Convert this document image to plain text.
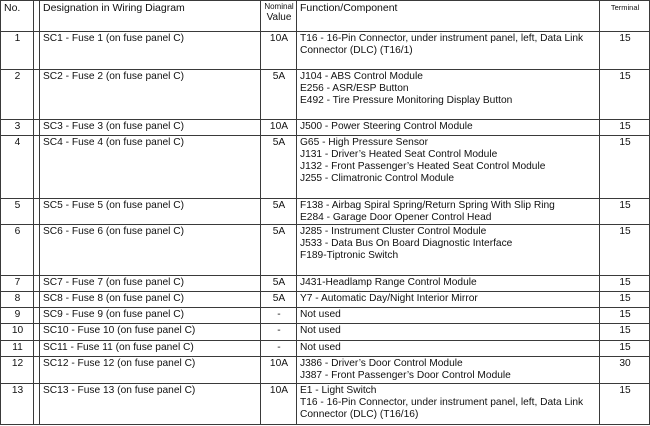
No.		Designation in Wiring Diagram	Nominal
Value	Function/Component	Terminal
1		SC1 - Fuse 1 (on fuse panel C)	10A	T16 - 16-Pin Connector, under instrument panel, left, Data Link
Connector (DLC) (T16/1)	15
2		SC2 - Fuse 2 (on fuse panel C)	5A	J104 - ABS Control Module
E256 - ASR/ESP Button
E492 - Tire Pressure Monitoring Display Button	15
3		SC3 - Fuse 3 (on fuse panel C)	10A	J500 - Power Steering Control Module	15
4		SC4 - Fuse 4 (on fuse panel C)	5A	G65 - High Pressure Sensor
J131 - Driver’s Heated Seat Control Module
J132 - Front Passenger’s Heated Seat Control Module
J255 - Climatronic Control Module	15
5		SC5 - Fuse 5 (on fuse panel C)	5A	F138 - Airbag Spiral Spring/Return Spring With Slip Ring
E284 - Garage Door Opener Control Head	15
6		SC6 - Fuse 6 (on fuse panel C)	5A	J285 - Instrument Cluster Control Module
J533 - Data Bus On Board Diagnostic Interface
F189-Tiptronic Switch	15
7		SC7 - Fuse 7 (on fuse panel C)	5A	J431-Headlamp Range Control Module	15
8		SC8 - Fuse 8 (on fuse panel C)	5A	Y7 - Automatic Day/Night Interior Mirror	15
9		SC9 - Fuse 9 (on fuse panel C)	-	Not used	15
10		SC10 - Fuse 10 (on fuse panel C)	-	Not used	15
11		SC11 - Fuse 11 (on fuse panel C)	-	Not used	15
12		SC12 - Fuse 12 (on fuse panel C)	10A	J386 - Driver’s Door Control Module
J387 - Front Passenger’s Door Control Module	30
13		SC13 - Fuse 13 (on fuse panel C)	10A	E1 - Light Switch
T16 - 16-Pin Connector, under instrument panel, left, Data Link
Connector (DLC) (T16/16)	15
